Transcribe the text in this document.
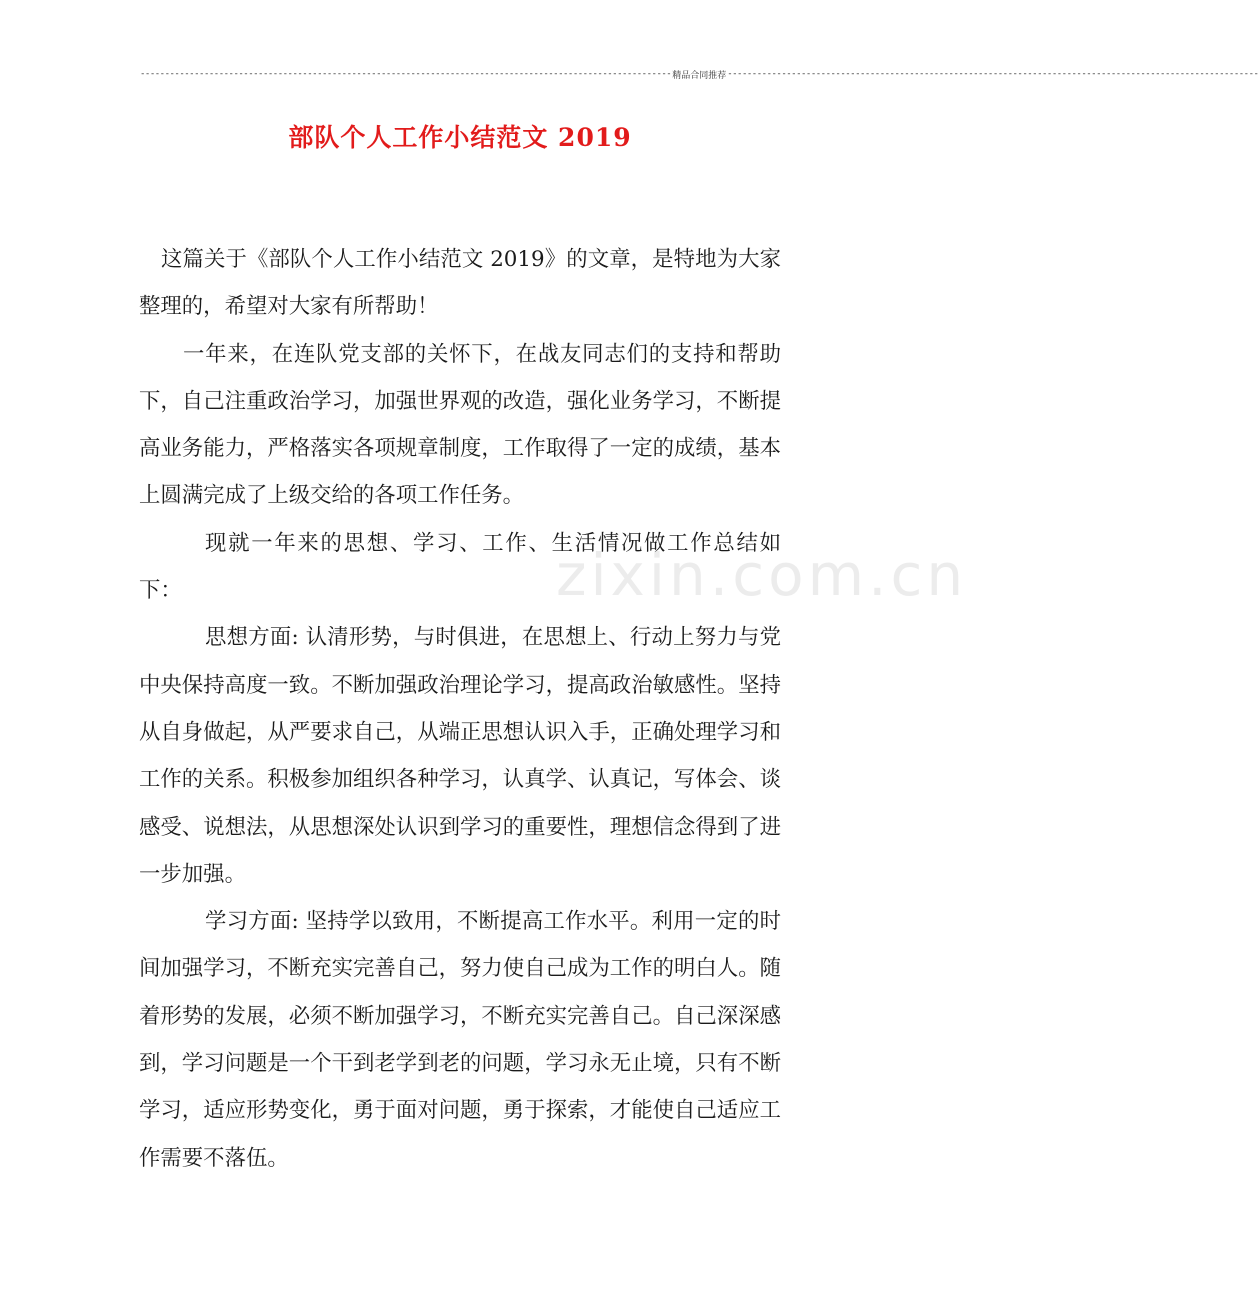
------------------------------------------------------------------------------------------------------------ 精品合同推荐 ------------------------------------------------------------------------------------------------------------
部队个人工作小结范文 2019
zixin.com.cn

这篇关于《部队个人工作小结范文 2019》的文章，是特地为大家整理的，希望对大家有所帮助！

一年来，在连队党支部的关怀下，在战友同志们的支持和帮助下，自己注重政治学习，加强世界观的改造，强化业务学习，不断提高业务能力，严格落实各项规章制度，工作取得了一定的成绩，基本上圆满完成了上级交给的各项工作任务。

现就一年来的思想、学习、工作、生活情况做工作总结如下：

思想方面: 认清形势，与时俱进，在思想上、行动上努力与党中央保持高度一致。不断加强政治理论学习，提高政治敏感性。坚持从自身做起，从严要求自己，从端正思想认识入手，正确处理学习和工作的关系。积极参加组织各种学习，认真学、认真记，写体会、谈感受、说想法，从思想深处认识到学习的重要性，理想信念得到了进一步加强。

学习方面: 坚持学以致用，不断提高工作水平。利用一定的时间加强学习，不断充实完善自己，努力使自己成为工作的明白人。随着形势的发展，必须不断加强学习，不断充实完善自己。自己深深感到，学习问题是一个干到老学到老的问题，学习永无止境，只有不断学习，适应形势变化，勇于面对问题，勇于探索，才能使自己适应工作需要不落伍。
